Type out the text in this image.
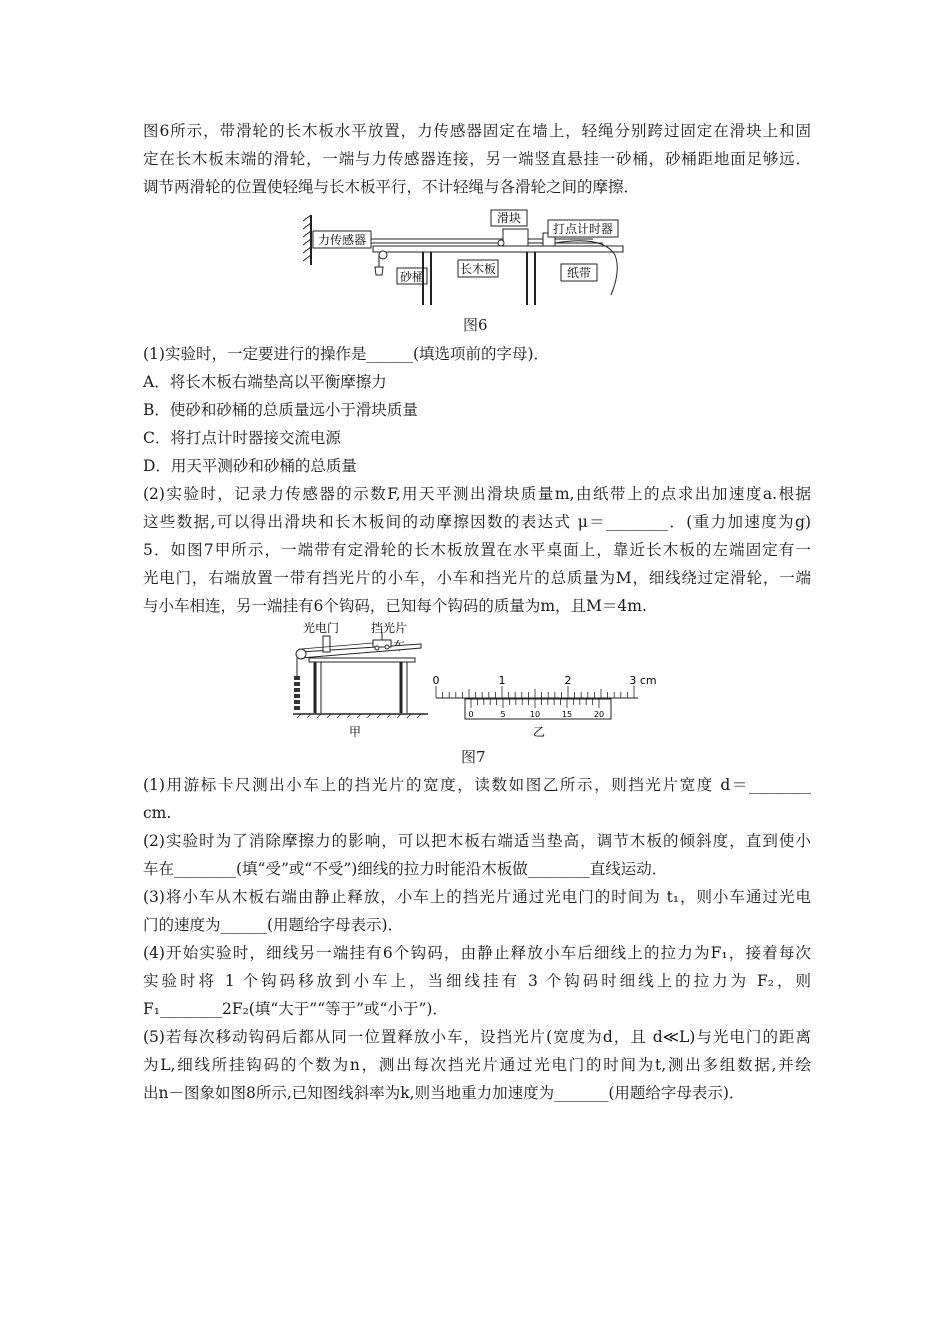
图6所示，带滑轮的长木板水平放置，力传感器固定在墙上，轻绳分别跨过固定在滑块上和固
定在长木板末端的滑轮，一端与力传感器连接，另一端竖直悬挂一砂桶，砂桶距地面足够远．
调节两滑轮的位置使轻绳与长木板平行，不计轻绳与各滑轮之间的摩擦．
力传感器
砂桶
长木板
滑块
打点计时器
纸带
图6
(1)实验时，一定要进行的操作是______(填选项前的字母)．
A．将长木板右端垫高以平衡摩擦力
B．使砂和砂桶的总质量远小于滑块质量
C．将打点计时器接交流电源
D．用天平测砂和砂桶的总质量
(2)实验时，记录力传感器的示数F,用天平测出滑块质量m,由纸带上的点求出加速度a.根据
这些数据,可以得出滑块和长木板间的动摩擦因数的表达式 μ＝________．(重力加速度为g)
5．如图7甲所示，一端带有定滑轮的长木板放置在水平桌面上，靠近长木板的左端固定有一
光电门，右端放置一带有挡光片的小车，小车和挡光片的总质量为M，细线绕过定滑轮，一端
与小车相连，另一端挂有6个钩码，已知每个钩码的质量为m，且M＝4m.
光电门	挡光片
甲
0	1	2	3 cm
0	5	10	15	20
乙
图7
(1)用游标卡尺测出小车上的挡光片的宽度，读数如图乙所示，则挡光片宽度 d＝________
cm.
(2)实验时为了消除摩擦力的影响，可以把木板右端适当垫高，调节木板的倾斜度，直到使小
车在________(填“受”或“不受”)细线的拉力时能沿木板做________直线运动．
(3)将小车从木板右端由静止释放，小车上的挡光片通过光电门的时间为 t₁，则小车通过光电
门的速度为______(用题给字母表示)．
(4)开始实验时，细线另一端挂有6个钩码，由静止释放小车后细线上的拉力为F₁，接着每次
实验时将 1 个钩码移放到小车上，当细线挂有 3 个钩码时细线上的拉力为 F₂，则
F₁________2F₂(填“大于”“等于”或“小于”)．
(5)若每次移动钩码后都从同一位置释放小车，设挡光片(宽度为d，且 d≪L)与光电门的距离
为L,细线所挂钩码的个数为n，测出每次挡光片通过光电门的时间为t,测出多组数据,并绘
出n－图象如图8所示,已知图线斜率为k,则当地重力加速度为_______(用题给字母表示)．
